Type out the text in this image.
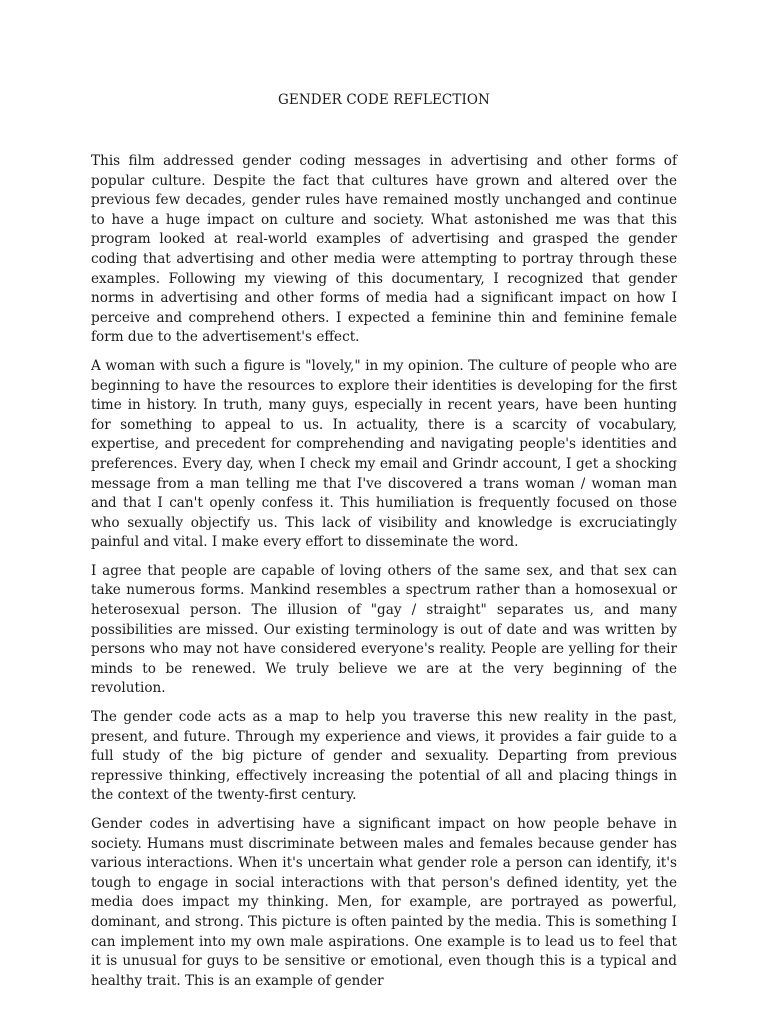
GENDER CODE REFLECTION

This film addressed gender coding messages in advertising and other forms of popular culture. Despite the fact that cultures have grown and altered over the previous few decades, gender rules have remained mostly unchanged and continue to have a huge impact on culture and society. What astonished me was that this program looked at real-world examples of advertising and grasped the gender coding that advertising and other media were attempting to portray through these examples. Following my viewing of this documentary, I recognized that gender norms in advertising and other forms of media had a significant impact on how I perceive and comprehend others. I expected a feminine thin and feminine female form due to the advertisement's effect.

A woman with such a figure is "lovely," in my opinion. The culture of people who are beginning to have the resources to explore their identities is developing for the first time in history. In truth, many guys, especially in recent years, have been hunting for something to appeal to us. In actuality, there is a scarcity of vocabulary, expertise, and precedent for comprehending and navigating people's identities and preferences. Every day, when I check my email and Grindr account, I get a shocking message from a man telling me that I've discovered a trans woman / woman man and that I can't openly confess it. This humiliation is frequently focused on those who sexually objectify us. This lack of visibility and knowledge is excruciatingly painful and vital. I make every effort to disseminate the word.

I agree that people are capable of loving others of the same sex, and that sex can take numerous forms. Mankind resembles a spectrum rather than a homosexual or heterosexual person. The illusion of "gay / straight" separates us, and many possibilities are missed. Our existing terminology is out of date and was written by persons who may not have considered everyone's reality. People are yelling for their minds to be renewed. We truly believe we are at the very beginning of the revolution.

The gender code acts as a map to help you traverse this new reality in the past, present, and future. Through my experience and views, it provides a fair guide to a full study of the big picture of gender and sexuality. Departing from previous repressive thinking, effectively increasing the potential of all and placing things in the context of the twenty-first century.

Gender codes in advertising have a significant impact on how people behave in society. Humans must discriminate between males and females because gender has various interactions. When it's uncertain what gender role a person can identify, it's tough to engage in social interactions with that person's defined identity, yet the media does impact my thinking. Men, for example, are portrayed as powerful, dominant, and strong. This picture is often painted by the media. This is something I can implement into my own male aspirations. One example is to lead us to feel that it is unusual for guys to be sensitive or emotional, even though this is a typical and healthy trait. This is an example of gender
